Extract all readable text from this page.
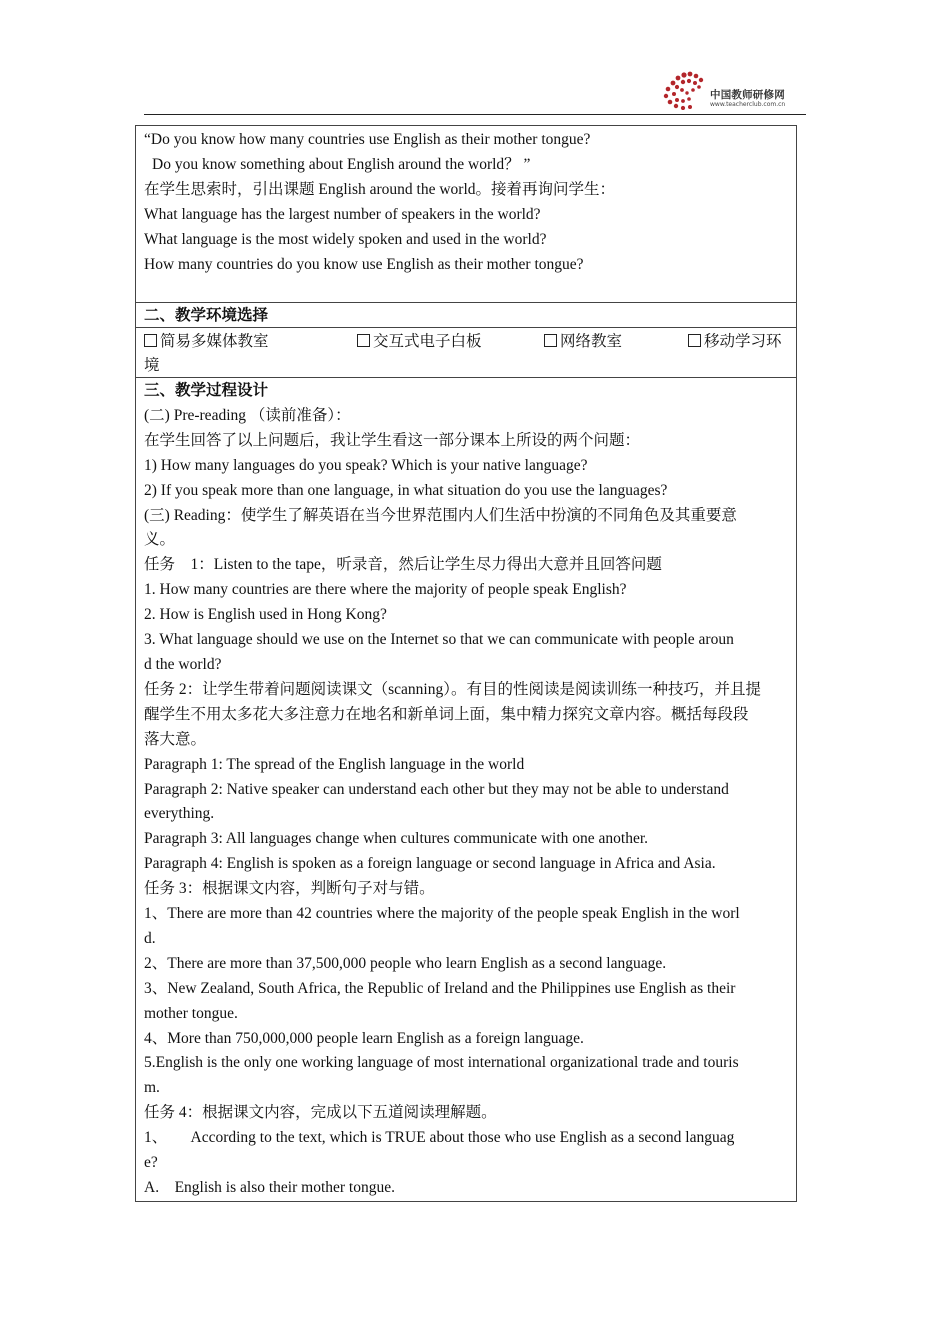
中国教师研修网
www.teacherclub.com.cn
“Do you know how many countries use English as their mother tongue?
Do you know something about English around the world？ ”
在学生思索时，引出课题 English around the world。接着再询问学生：
What language has the largest number of speakers in the world?
What language is the most widely spoken and used in the world?
How many countries do you know use English as their mother tongue?
二、教学环境选择
简易多媒体教室	交互式电子白板	网络教室	移动学习环
境
三、教学过程设计
(二) Pre-reading （读前准备）：
在学生回答了以上问题后，我让学生看这一部分课本上所设的两个问题：
1) How many languages do you speak? Which is your native language?
2) If you speak more than one language, in what situation do you use the languages?
(三) Reading：使学生了解英语在当今世界范围内人们生活中扮演的不同角色及其重要意
义。
任务　1：Listen to the tape，听录音，然后让学生尽力得出大意并且回答问题
1. How many countries are there where the majority of people speak English?
2. How is English used in Hong Kong?
3. What language should we use on the Internet so that we can communicate with people aroun
d the world?
任务 2：让学生带着问题阅读课文（scanning）。有目的性阅读是阅读训练一种技巧，并且提
醒学生不用太多花大多注意力在地名和新单词上面，集中精力探究文章内容。概括每段段
落大意。
Paragraph 1: The spread of the English language in the world
Paragraph 2: Native speaker can understand each other but they may not be able to understand
everything.
Paragraph 3: All languages change when cultures communicate with one another.
Paragraph 4: English is spoken as a foreign language or second language in Africa and Asia.
任务 3：根据课文内容，判断句子对与错。
1、There are more than 42 countries where the majority of the people speak English in the worl
d.
2、There are more than 37,500,000 people who learn English as a second language.
3、New Zealand, South Africa, the Republic of Ireland and the Philippines use English as their
mother tongue.
4、More than 750,000,000 people learn English as a foreign language.
5.English is the only one working language of most international organizational trade and touris
m.
任务 4：根据课文内容，完成以下五道阅读理解题。
1、　　According to the text, which is TRUE about those who use English as a second languag
e?
A.　English is also their mother tongue.
